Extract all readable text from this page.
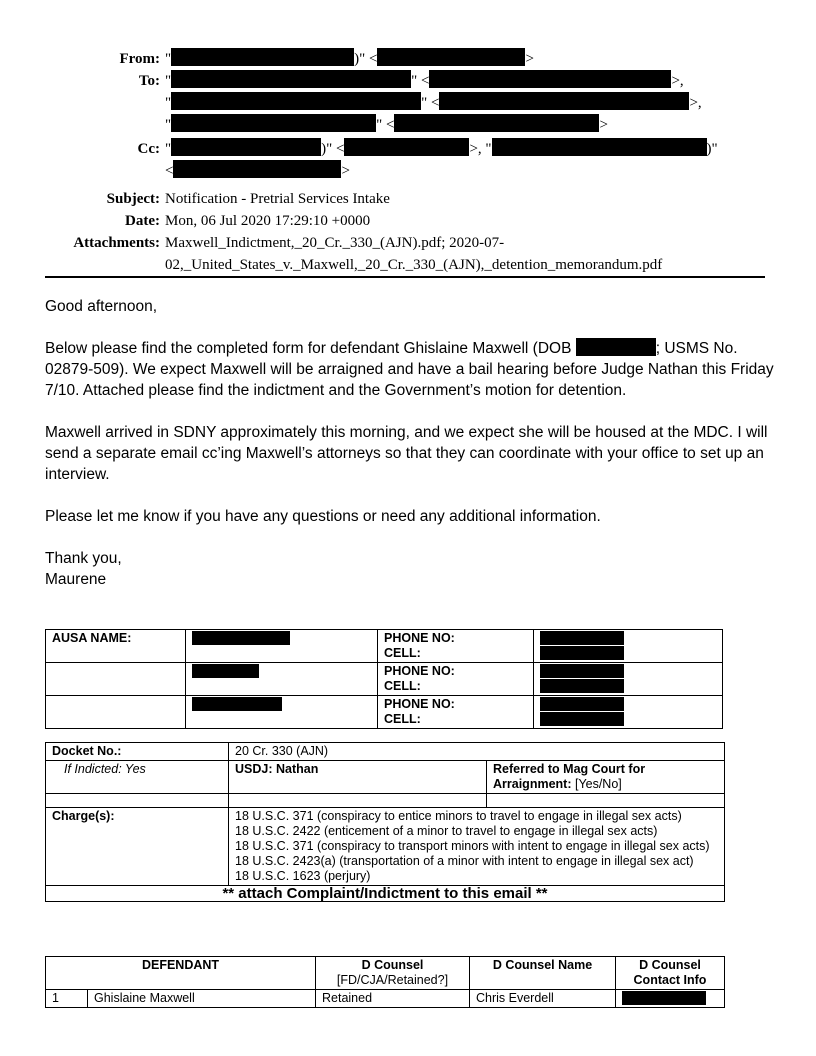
From: "	)" <	>
To: "	" <	>,
"	" <	>,
"	" <	>
Cc: "	)" <	>, "	)"
<	>
Subject: Notification - Pretrial Services Intake
Date: Mon, 06 Jul 2020 17:29:10 +0000
Attachments: Maxwell_Indictment,_20_Cr._330_(AJN).pdf; 2020-07-
02,_United_States_v._Maxwell,_20_Cr._330_(AJN),_detention_memorandum.pdf

Good afternoon,

Below please find the completed form for defendant Ghislaine Maxwell (DOB	; USMS No. 02879-509). We expect Maxwell will be arraigned and have a bail hearing before Judge Nathan this Friday 7/10. Attached please find the indictment and the Government’s motion for detention.

Maxwell arrived in SDNY approximately this morning, and we expect she will be housed at the MDC. I will send a separate email cc’ing Maxwell’s attorneys so that they can coordinate with your office to set up an interview.

Please let me know if you have any questions or need any additional information.

Thank you,
Maurene

AUSA NAME:		PHONE NO:
CELL:	

		PHONE NO:
CELL:	

		PHONE NO:
CELL:	

Docket No.:	20 Cr. 330 (AJN)	
If Indicted: Yes	USDJ: Nathan	Referred to Mag Court for Arraignment: [Yes/No]

Charge(s):	18 U.S.C. 371 (conspiracy to entice minors to travel to engage in illegal sex acts)
18 U.S.C. 2422 (enticement of a minor to travel to engage in illegal sex acts)
18 U.S.C. 371 (conspiracy to transport minors with intent to engage in illegal sex acts)
18 U.S.C. 2423(a) (transportation of a minor with intent to engage in illegal sex act)
18 U.S.C. 1623 (perjury)	

** attach Complaint/Indictment to this email **		
DEFENDANT		D Counsel
[FD/CJA/Retained?]	D Counsel Name	D Counsel Contact Info
1	Ghislaine Maxwell	Retained	Chris Everdell	
